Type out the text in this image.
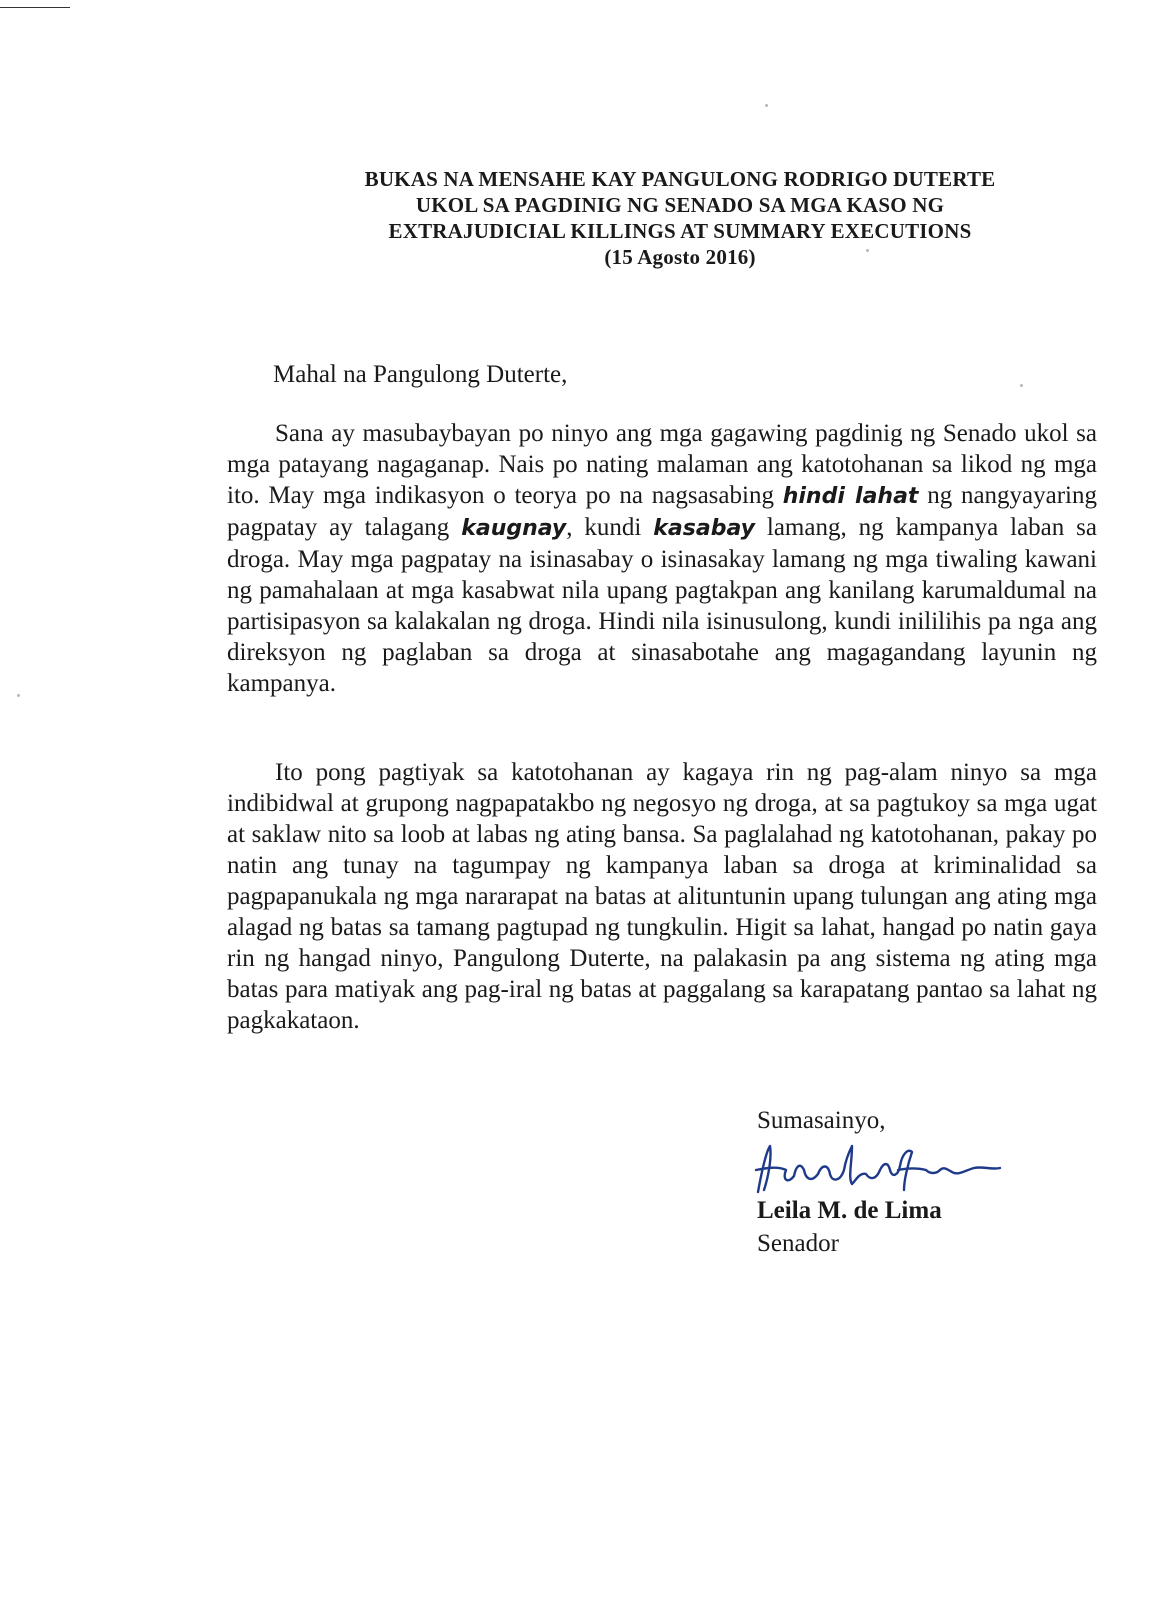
BUKAS NA MENSAHE KAY PANGULONG RODRIGO DUTERTE
UKOL SA PAGDINIG NG SENADO SA MGA KASO NG
EXTRAJUDICIAL KILLINGS AT SUMMARY EXECUTIONS
(15 Agosto 2016)
Mahal na Pangulong Duterte,

Sana ay masubaybayan po ninyo ang mga gagawing pagdinig ng Senado ukol sa mga patayang nagaganap. Nais po nating malaman ang katotohanan sa likod ng mga ito. May mga indikasyon o teorya po na nagsasabing hindi lahat ng nangyayaring pagpatay ay talagang kaugnay, kundi kasabay lamang, ng kampanya laban sa droga. May mga pagpatay na isinasabay o isinasakay lamang ng mga tiwaling kawani ng pamahalaan at mga kasabwat nila upang pagtakpan ang kanilang karumaldumal na partisipasyon sa kalakalan ng droga. Hindi nila isinusulong, kundi inililihis pa nga ang direksyon ng paglaban sa droga at sinasabotahe ang magagandang layunin ng kampanya.

Ito pong pagtiyak sa katotohanan ay kagaya rin ng pag-alam ninyo sa mga indibidwal at grupong nagpapatakbo ng negosyo ng droga, at sa pagtukoy sa mga ugat at saklaw nito sa loob at labas ng ating bansa. Sa paglalahad ng katotohanan, pakay po natin ang tunay na tagumpay ng kampanya laban sa droga at kriminalidad sa pagpapanukala ng mga nararapat na batas at alituntunin upang tulungan ang ating mga alagad ng batas sa tamang pagtupad ng tungkulin. Higit sa lahat, hangad po natin gaya rin ng hangad ninyo, Pangulong Duterte, na palakasin pa ang sistema ng ating mga batas para matiyak ang pag-iral ng batas at paggalang sa karapatang pantao sa lahat ng pagkakataon.

Sumasainyo,
Leila M. de Lima
Senador
